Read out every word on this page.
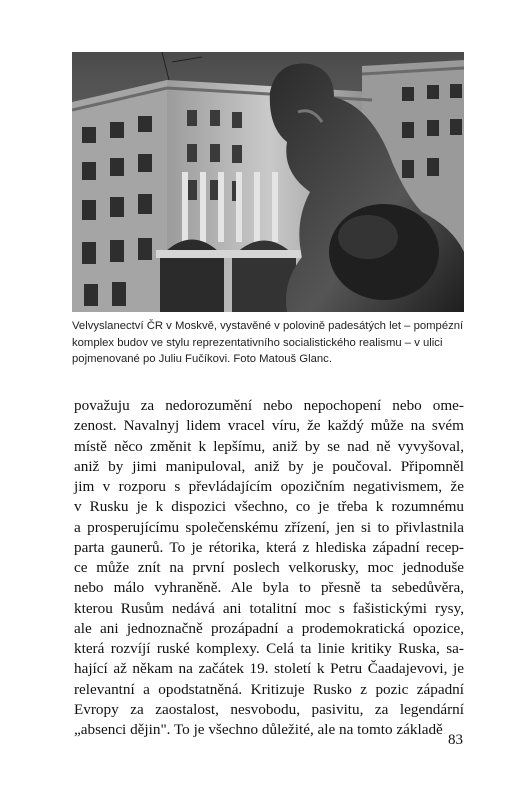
Velvyslanectví ČR v Moskvě, vystavěné v polovině padesátých let – pompézní
komplex budov ve stylu reprezentativního socialistického realismu – v ulici
pojmenované po Juliu Fučíkovi. Foto Matouš Glanc.
považuju za nedorozumění nebo nepochopení nebo ome-
zenost. Navalnyj lidem vracel víru, že každý může na svém
místě něco změnit k lepšímu, aniž by se nad ně vyvyšoval,
aniž by jimi manipuloval, aniž by je poučoval. Připomněl
jim v rozporu s převládajícím opozičním negativismem, že
v Rusku je k dispozici všechno, co je třeba k rozumnému
a prosperujícímu společenskému zřízení, jen si to přivlastnila
parta gaunerů. To je rétorika, která z hlediska západní recep-
ce může znít na první poslech velkorusky, moc jednoduše
nebo málo vyhraněně. Ale byla to přesně ta sebedůvěra,
kterou Rusům nedává ani totalitní moc s fašistickými rysy,
ale ani jednoznačně prozápadní a prodemokratická opozice,
která rozvíjí ruské komplexy. Celá ta linie kritiky Ruska, sa-
hající až někam na začátek 19. století k Petru Čaadajevovi, je
relevantní a opodstatněná. Kritizuje Rusko z pozic západní
Evropy za zaostalost, nesvobodu, pasivitu, za legendární
„absenci dějin". To je všechno důležité, ale na tomto základě
83
